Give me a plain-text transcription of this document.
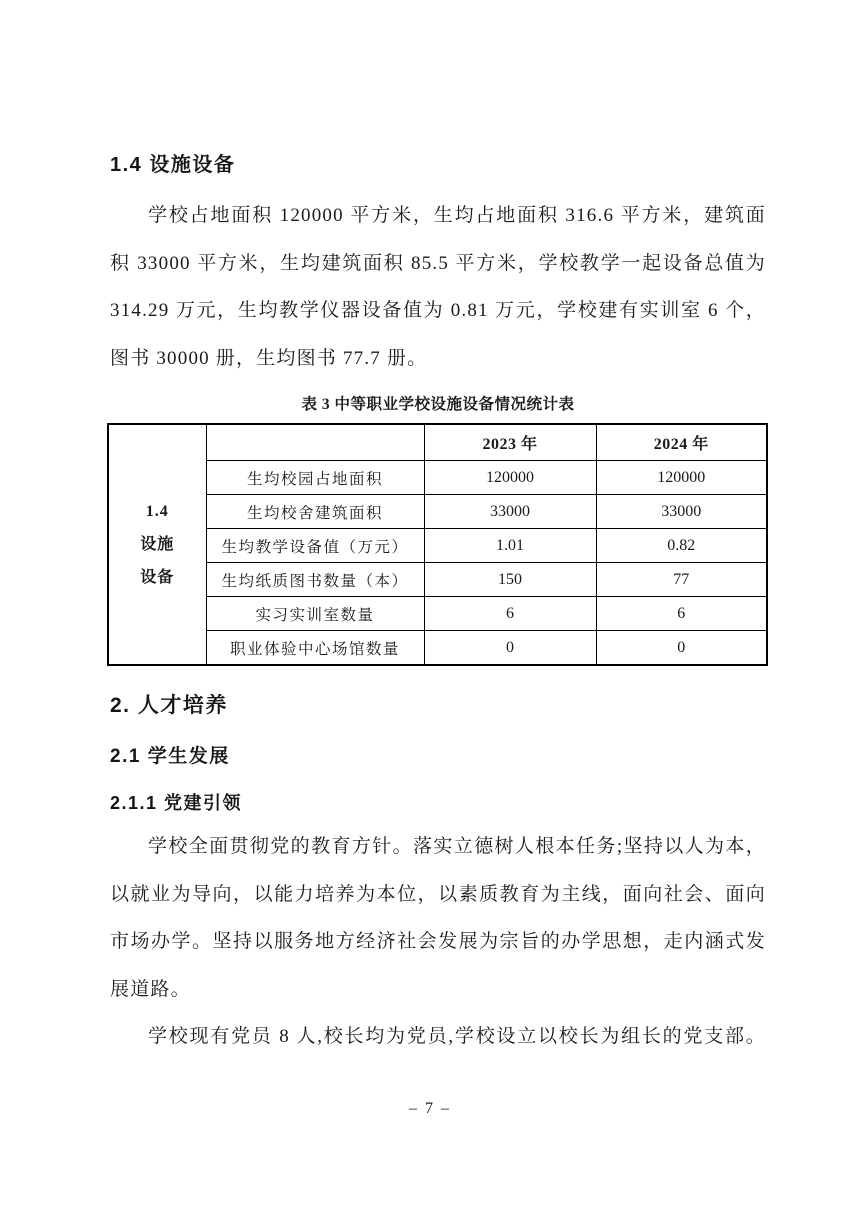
1.4 设施设备
学校占地面积 120000 平方米，生均占地面积 316.6 平方米，建筑面
积 33000 平方米，生均建筑面积 85.5 平方米，学校教学一起设备总值为
314.29 万元，生均教学仪器设备值为 0.81 万元，学校建有实训室 6 个，
图书 30000 册，生均图书 77.7 册。
表 3 中等职业学校设施设备情况统计表
1.4
设施
设备		2023 年	2024 年
	生均校园占地面积	120000	120000
	生均校舍建筑面积	33000	33000
	生均教学设备值（万元）	1.01	0.82
	生均纸质图书数量（本）	150	77
	实习实训室数量	6	6
	职业体验中心场馆数量	0	0
2. 人才培养
2.1 学生发展
2.1.1 党建引领
学校全面贯彻党的教育方针。落实立德树人根本任务;坚持以人为本，
以就业为导向，以能力培养为本位，以素质教育为主线，面向社会、面向
市场办学。坚持以服务地方经济社会发展为宗旨的办学思想，走内涵式发
展道路。
学校现有党员 8 人,校长均为党员,学校设立以校长为组长的党支部。
– 7 –
